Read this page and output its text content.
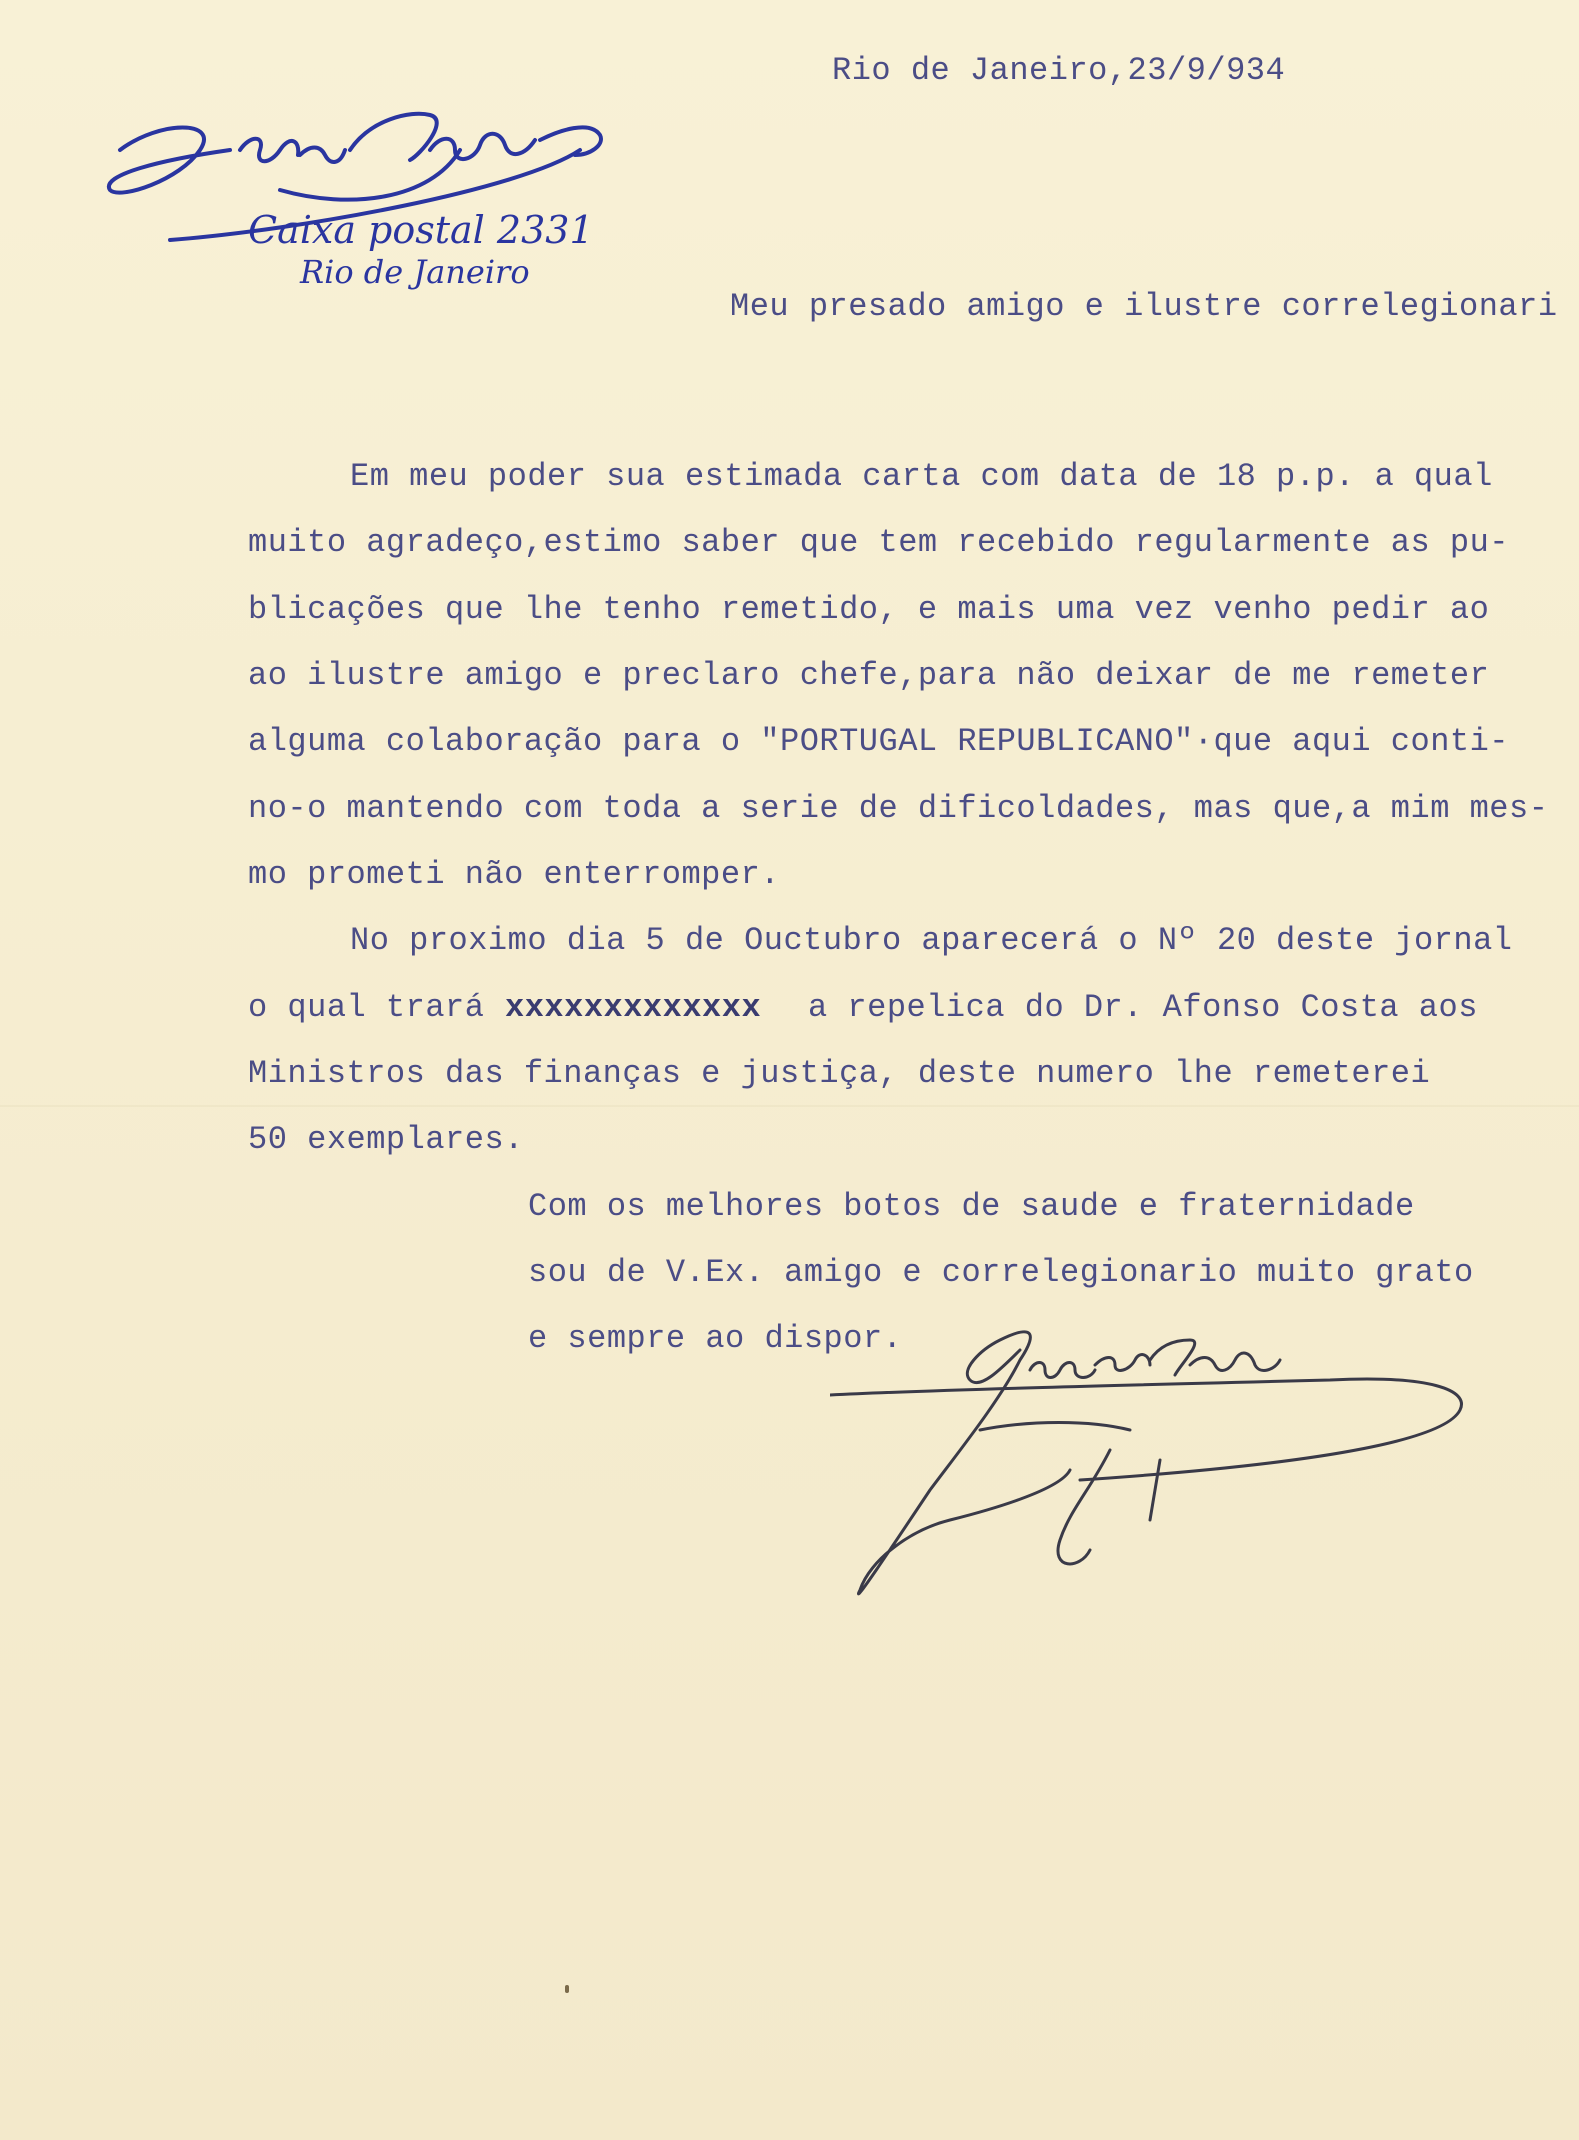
Caixa postal 2331
Rio de Janeiro
Rio de Janeiro,23/9/934
Meu presado amigo e ilustre correlegionari
Em meu poder sua estimada carta com data de 18 p.p. a qual
muito agradeço,estimo saber que tem recebido regularmente as pu-
blicações que lhe tenho remetido, e mais uma vez venho pedir ao
ao ilustre amigo e preclaro chefe,para não deixar de me remeter
alguma colaboração para o "PORTUGAL REPUBLICANO"·que aqui conti-
no-o mantendo com toda a serie de dificoldades, mas que,a mim mes-
mo prometi não enterromper.
No proximo dia 5 de Ouctubro aparecerá o Nº 20 deste jornal
o qual trará xxxxxxxxxxxxx a repelica do Dr. Afonso Costa aos
Ministros das finanças e justiça, deste numero lhe remeterei
50 exemplares.
Com os melhores botos de saude e fraternidade
sou de V.Ex. amigo e correlegionario muito grato
e sempre ao dispor.
